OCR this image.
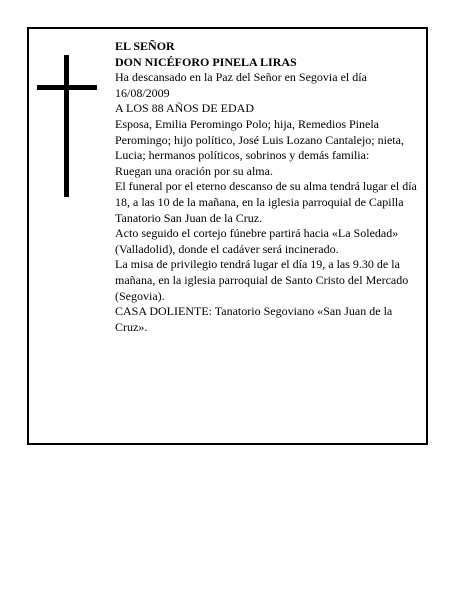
EL SEÑOR

DON NICÉFORO PINELA LIRAS

Ha descansado en la Paz del Señor en Segovia el día 16/08/2009

A LOS 88 AÑOS DE EDAD

Esposa, Emilia Peromingo Polo; hija, Remedios Pinela Peromingo; hijo político, José Luis Lozano Cantalejo; nieta, Lucia; hermanos políticos, sobrinos y demás familia:

Ruegan una oración por su alma.

El funeral por el eterno descanso de su alma tendrá lugar el día 18, a las 10 de la mañana, en la iglesia parroquial de Capilla Tanatorio San Juan de la Cruz.

Acto seguido el cortejo fúnebre partirá hacia «La Soledad» (Valladolid), donde el cadáver será incinerado.

La misa de privilegio tendrá lugar el día 19, a las 9.30 de la mañana, en la iglesia parroquial de Santo Cristo del Mercado (Segovia).

CASA DOLIENTE: Tanatorio Segoviano «San Juan de la Cruz».
